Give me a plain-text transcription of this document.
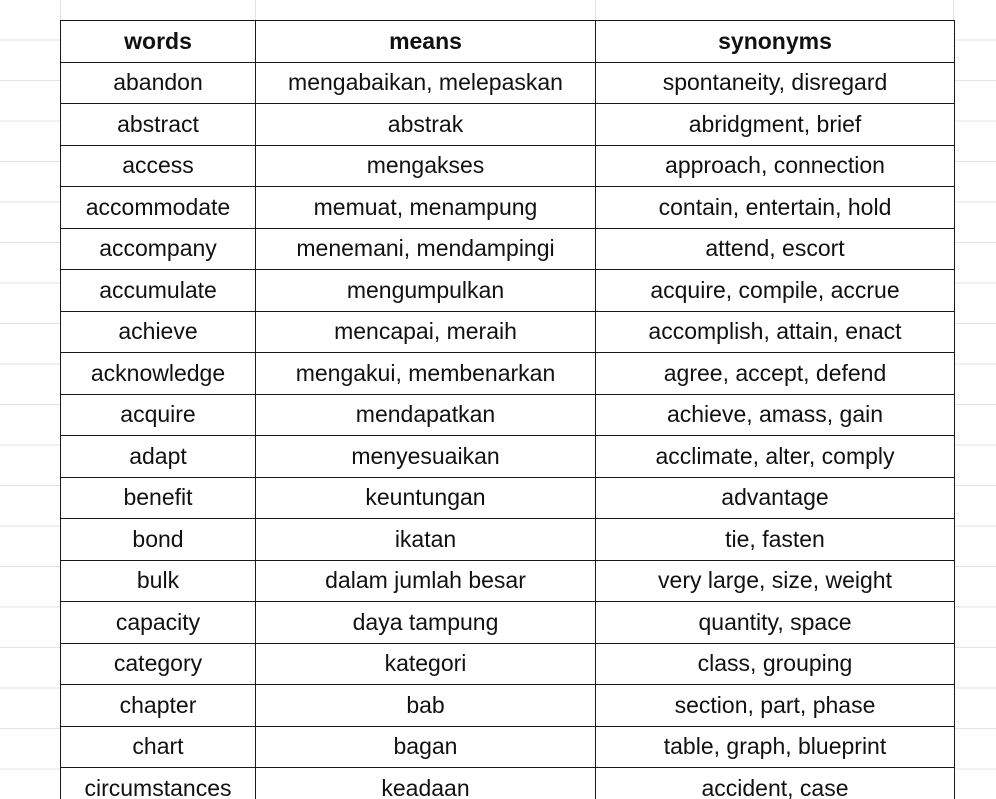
words	means	synonyms
abandon	mengabaikan, melepaskan	spontaneity, disregard
abstract	abstrak	abridgment, brief
access	mengakses	approach, connection
accommodate	memuat, menampung	contain, entertain, hold
accompany	menemani, mendampingi	attend, escort
accumulate	mengumpulkan	acquire, compile, accrue
achieve	mencapai, meraih	accomplish, attain, enact
acknowledge	mengakui, membenarkan	agree, accept, defend
acquire	mendapatkan	achieve, amass, gain
adapt	menyesuaikan	acclimate, alter, comply
benefit	keuntungan	advantage
bond	ikatan	tie, fasten
bulk	dalam jumlah besar	very large, size, weight
capacity	daya tampung	quantity, space
category	kategori	class, grouping
chapter	bab	section, part, phase
chart	bagan	table, graph, blueprint
circumstances	keadaan	accident, case
